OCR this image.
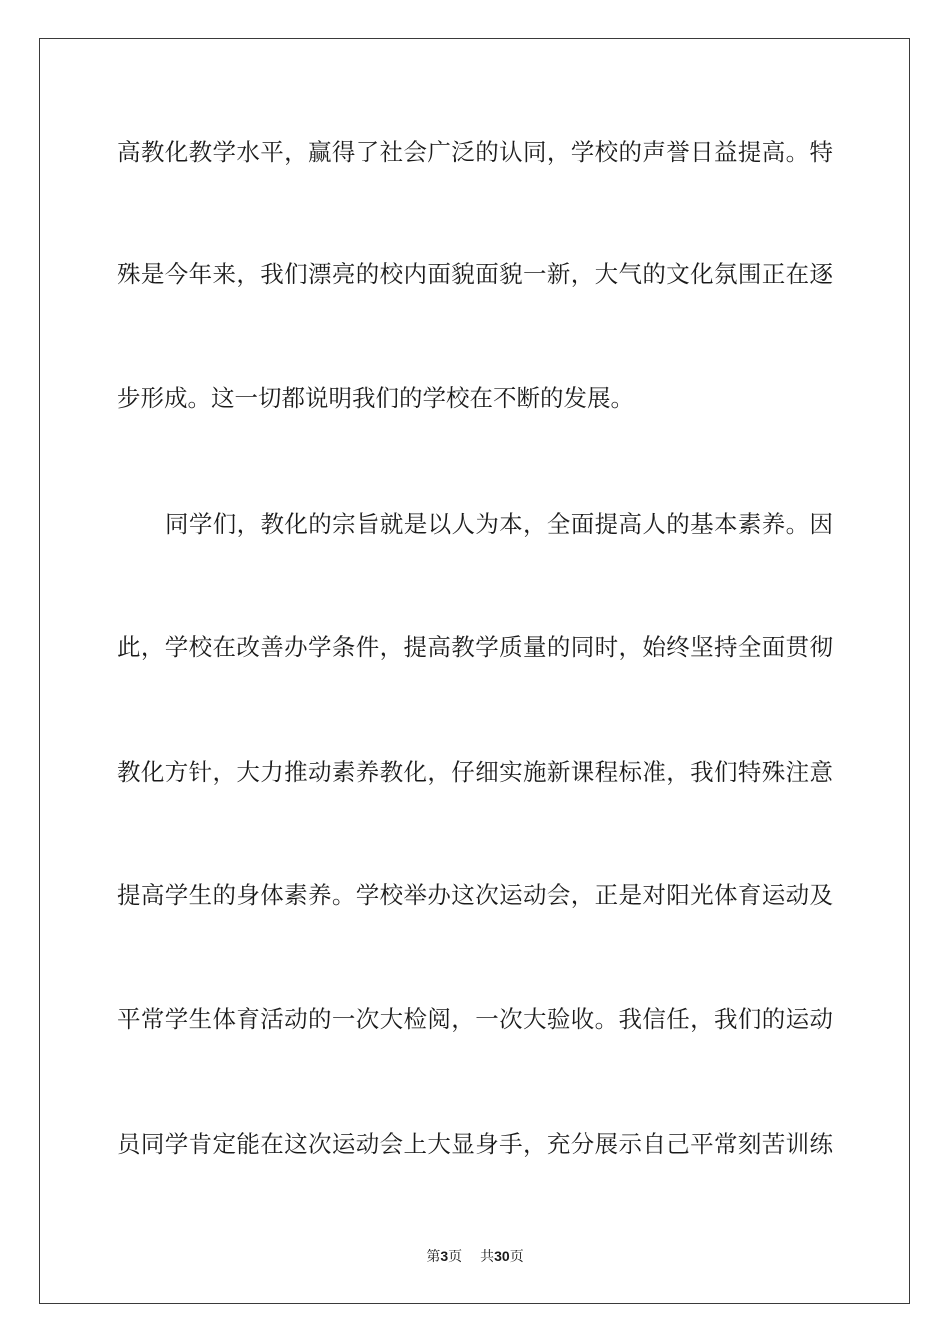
高教化教学水平，赢得了社会广泛的认同，学校的声誉日益提高。特
殊是今年来，我们漂亮的校内面貌面貌一新，大气的文化氛围正在逐
步形成。这一切都说明我们的学校在不断的发展。
同学们，教化的宗旨就是以人为本，全面提高人的基本素养。因
此，学校在改善办学条件，提高教学质量的同时，始终坚持全面贯彻
教化方针，大力推动素养教化，仔细实施新课程标准，我们特殊注意
提高学生的身体素养。学校举办这次运动会，正是对阳光体育运动及
平常学生体育活动的一次大检阅，一次大验收。我信任，我们的运动
员同学肯定能在这次运动会上大显身手，充分展示自己平常刻苦训练
第3页 共30页
